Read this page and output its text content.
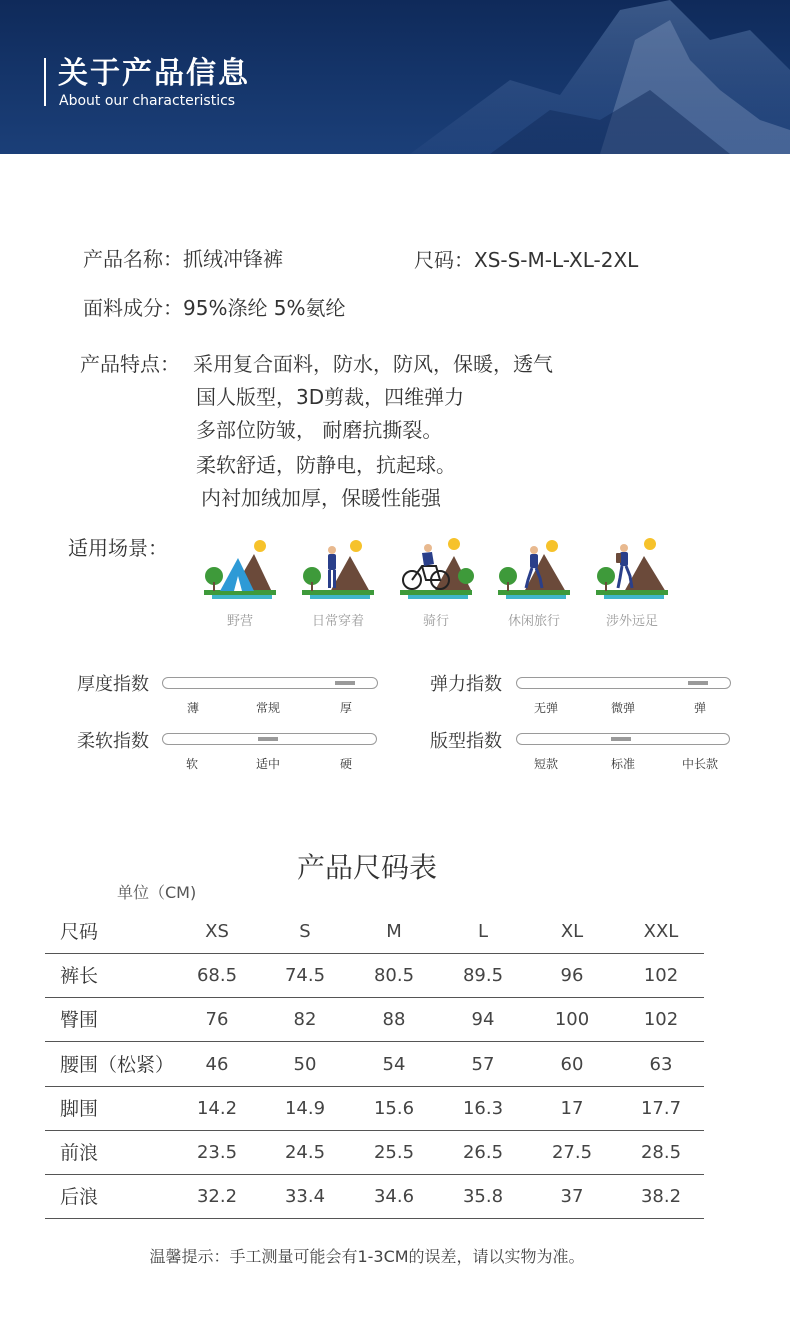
关于产品信息
About our characteristics
产品名称：抓绒冲锋裤	尺码：XS-S-M-L-XL-2XL
面料成分：95%涤纶 5%氨纶
产品特点： 采用复合面料，防水，防风，保暖，透气
国人版型，3D剪裁，四维弹力
多部位防皱， 耐磨抗撕裂。
柔软舒适，防静电，抗起球。
内衬加绒加厚，保暖性能强
适用场景：
野营	日常穿着	骑行	休闲旅行	涉外远足
厚度指数
薄	常规	厚
弹力指数
无弹	微弹	弹
柔软指数
软	适中	硬
版型指数
短款	标准	中长款
产品尺码表
单位（CM)
尺码	XS	S	M	L	XL	XXL
裤长	68.5	74.5	80.5	89.5	96	102
臀围	76	82	88	94	100	102
腰围（松紧） 46	50	54	57	60	63
脚围	14.2	14.9	15.6	16.3	17	17.7
前浪	23.5	24.5	25.5	26.5	27.5	28.5
后浪	32.2	33.4	34.6	35.8	37	38.2
温馨提示：手工测量可能会有1-3CM的误差，请以实物为准。
